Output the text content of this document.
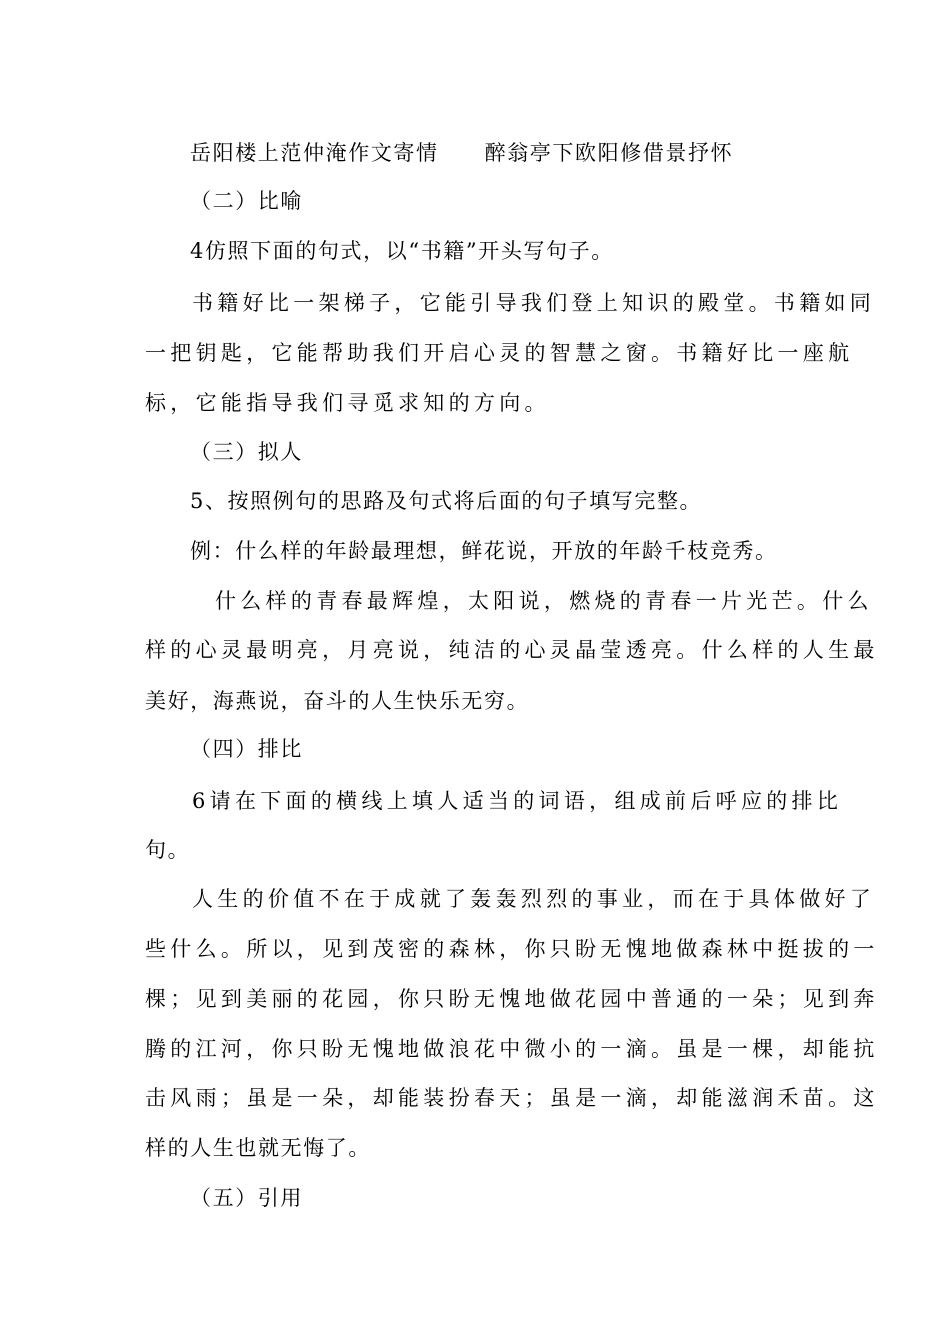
岳阳楼上范仲淹作文寄情 醉翁亭下欧阳修借景抒怀
（二）比喻
4仿照下面的句式，以“书籍”开头写句子。
书籍好比一架梯子，它能引导我们登上知识的殿堂。书籍如同
一把钥匙，它能帮助我们开启心灵的智慧之窗。书籍好比一座航
标，它能指导我们寻觅求知的方向。
（三）拟人
5、按照例句的思路及句式将后面的句子填写完整。
例：什么样的年龄最理想，鲜花说，开放的年龄千枝竞秀。
什么样的青春最辉煌，太阳说，燃烧的青春一片光芒。什么
样的心灵最明亮，月亮说，纯洁的心灵晶莹透亮。什么样的人生最
美好，海燕说，奋斗的人生快乐无穷。
（四）排比
6请在下面的横线上填人适当的词语，组成前后呼应的排比
句。
人生的价值不在于成就了轰轰烈烈的事业，而在于具体做好了
些什么。所以，见到茂密的森林，你只盼无愧地做森林中挺拔的一
棵；见到美丽的花园，你只盼无愧地做花园中普通的一朵；见到奔
腾的江河，你只盼无愧地做浪花中微小的一滴。虽是一棵，却能抗
击风雨；虽是一朵，却能装扮春天；虽是一滴，却能滋润禾苗。这
样的人生也就无悔了。
（五）引用
